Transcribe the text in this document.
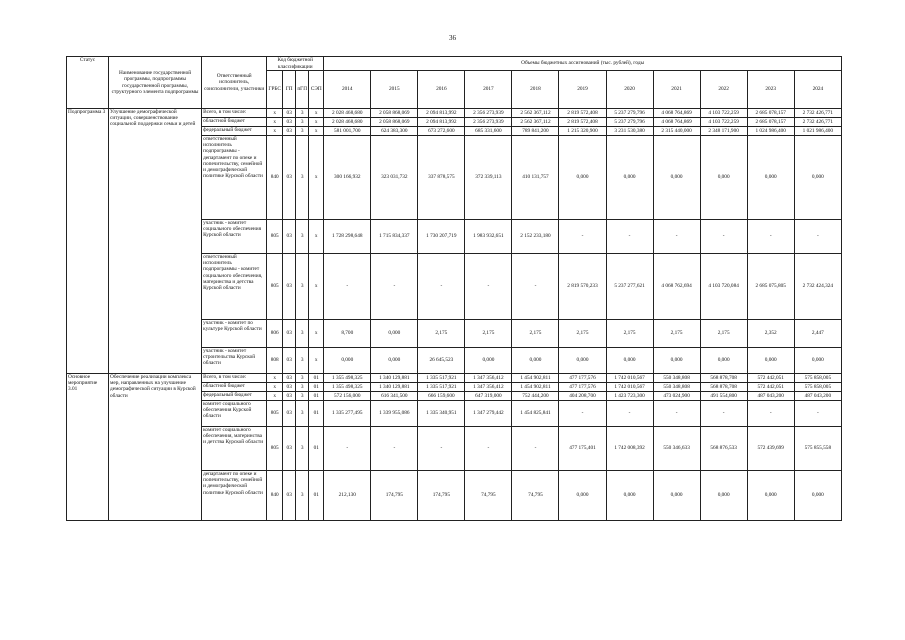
36
Статус	Наименование государственной программы, подпрограммы государственной программы, структурного элемента подпрограммы	Ответственный исполнитель, соисполнители, участники	Код бюджетной классификации				Объемы бюджетных ассигнований (тыс. рублей), годы										
			ГРБС	ГП	пГП	СЭП	2014	2015	2016	2017	2018	2019	2020	2021	2022	2023	2024
Подпрограмма 3	Улучшение демографической ситуации, совершенствование социальной поддержки семьи и детей	Всего, в том числе:	х	03	3	х	2 028 468,680	2 058 868,069	2 094 813,992	2 356 273,939	2 562 367,112	2 819 572,408	5 237 279,796	4 068 764,869	4 103 722,259	2 685 078,157	2 732 426,771
		областной бюджет	х	03	3	х	2 028 468,680	2 058 868,069	2 094 813,992	2 356 273,939	2 562 367,112	2 819 572,408	5 237 279,796	4 068 764,869	4 103 722,259	2 685 078,157	2 732 426,771
		федеральный бюджет	х	03	3	х	581 001,700	624 383,300	673 272,600	685 331,600	789 841,200	1 215 320,900	3 231 530,380	2 315 440,000	2 348 171,900	1 024 986,400	1 021 986,400
		ответственный исполнитель подпрограммы - департамент по опеке и попечительству, семейной и демографической политике Курской области	840	03	3	х	300 166,932	323 031,732	337 878,575	372 339,113	410 131,757	0,000	0,000	0,000	0,000	0,000	0,000
		участник - комитет социального обеспечения Курской области	805	03	3	х	1 728 298,648	1 715 834,337	1 730 207,719	1 983 932,651	2 152 233,180	-	-	-	-	-	-
		ответственный исполнитель подпрограммы - комитет социального обеспечения, материнства и детства Курской области	805	03	3	х	-	-	-	-	-	2 819 570,233	5 237 277,621	4 068 762,694	4 103 720,084	2 685 075,805	2 732 424,324
		участник - комитет по культуре Курской области	806	03	3	х	8,700	0,000	2,175	2,175	2,175	2,175	2,175	2,175	2,175	2,352	2,447
		участник - комитет строительства Курской области	808	03	3	х	0,000	0,000	26 645,523	0,000	0,000	0,000	0,000	0,000	0,000	0,000	0,000
Основное мероприятие 3.01	Обеспечение реализации комплекса мер, направленных на улучшение демографической ситуации в Курской области	Всего, в том числе:	х	03	3	01	1 355 498,325	1 340 129,881	1 335 517,921	1 347 356,412	1 454 902,811	477 177,576	1 742 010,567	550 348,808	568 878,708	572 442,051	575 858,005
		областной бюджет	х	03	3	01	1 355 498,325	1 340 129,881	1 335 517,921	1 347 356,412	1 454 902,811	477 177,576	1 742 010,567	550 348,808	568 878,708	572 442,051	575 858,005
		федеральный бюджет	х	03	3	01	572 156,000	616 341,500	666 159,600	647 319,000	752 444,200	404 208,700	1 423 723,300	473 024,900	491 554,800	487 043,200	487 043,200
		комитет социального обеспечения Курской области	805	03	3	01	1 335 277,495	1 339 955,086	1 335 340,951	1 347 279,442	1 454 825,841	-	-	-	-	-	-
		комитет социального обеспечения, материнства и детства Курской области	805	03	3	01	-	-	-	-	-	477 175,401	1 742 008,392	550 346,633	568 876,533	572 439,699	575 855,558
		департамент по опеке и попечительству, семейной и демографической политике Курской области	840	03	3	01	212,130	174,795	174,795	74,795	74,795	0,000	0,000	0,000	0,000	0,000	0,000
